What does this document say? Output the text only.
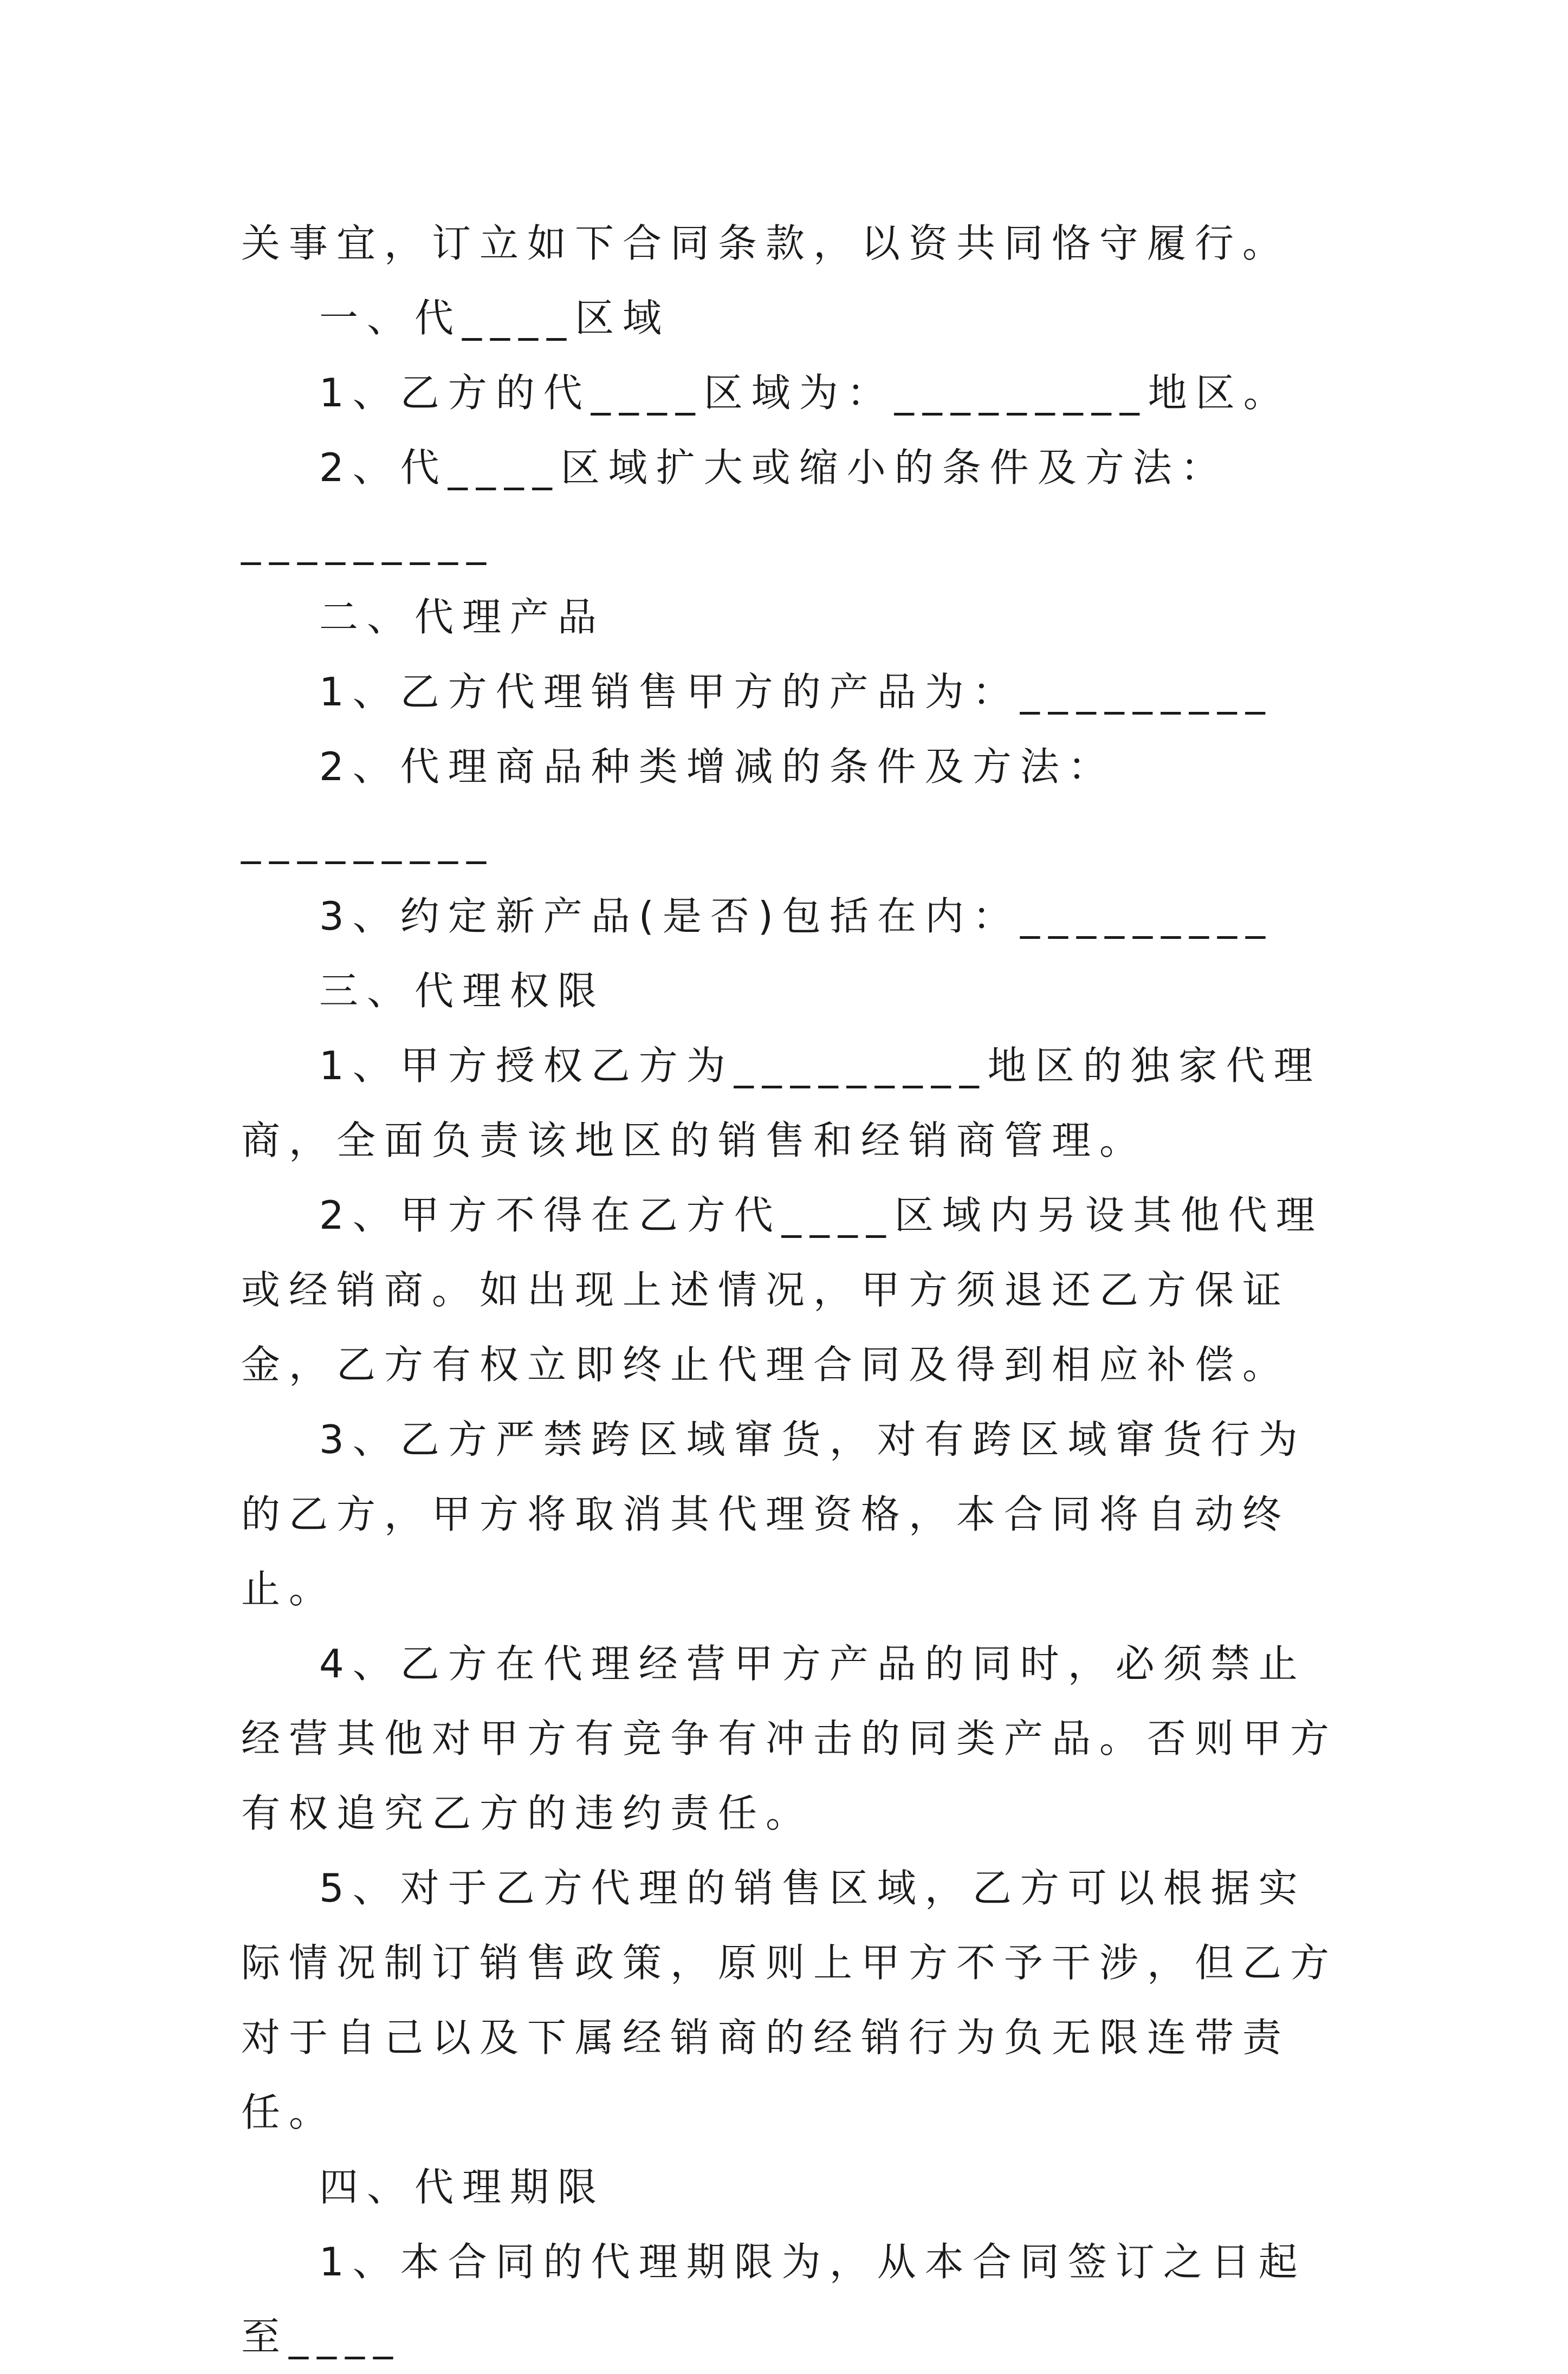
关事宜，订立如下合同条款，以资共同恪守履行。

一、代____区域

1、乙方的代____区域为：_________地区。

2、代____区域扩大或缩小的条件及方法：_________

二、代理产品

1、乙方代理销售甲方的产品为：_________

2、代理商品种类增减的条件及方法：_________

3、约定新产品(是否)包括在内：_________

三、代理权限

1、甲方授权乙方为_________地区的独家代理商，全面负责该地区的销售和经销商管理。

2、甲方不得在乙方代____区域内另设其他代理或经销商。如出现上述情况，甲方须退还乙方保证金，乙方有权立即终止代理合同及得到相应补偿。

3、乙方严禁跨区域窜货，对有跨区域窜货行为的乙方，甲方将取消其代理资格，本合同将自动终止。

4、乙方在代理经营甲方产品的同时，必须禁止经营其他对甲方有竞争有冲击的同类产品。否则甲方有权追究乙方的违约责任。

5、对于乙方代理的销售区域，乙方可以根据实际情况制订销售政策，原则上甲方不予干涉，但乙方对于自己以及下属经销商的经销行为负无限连带责任。

四、代理期限

1、本合同的代理期限为，从本合同签订之日起至____
